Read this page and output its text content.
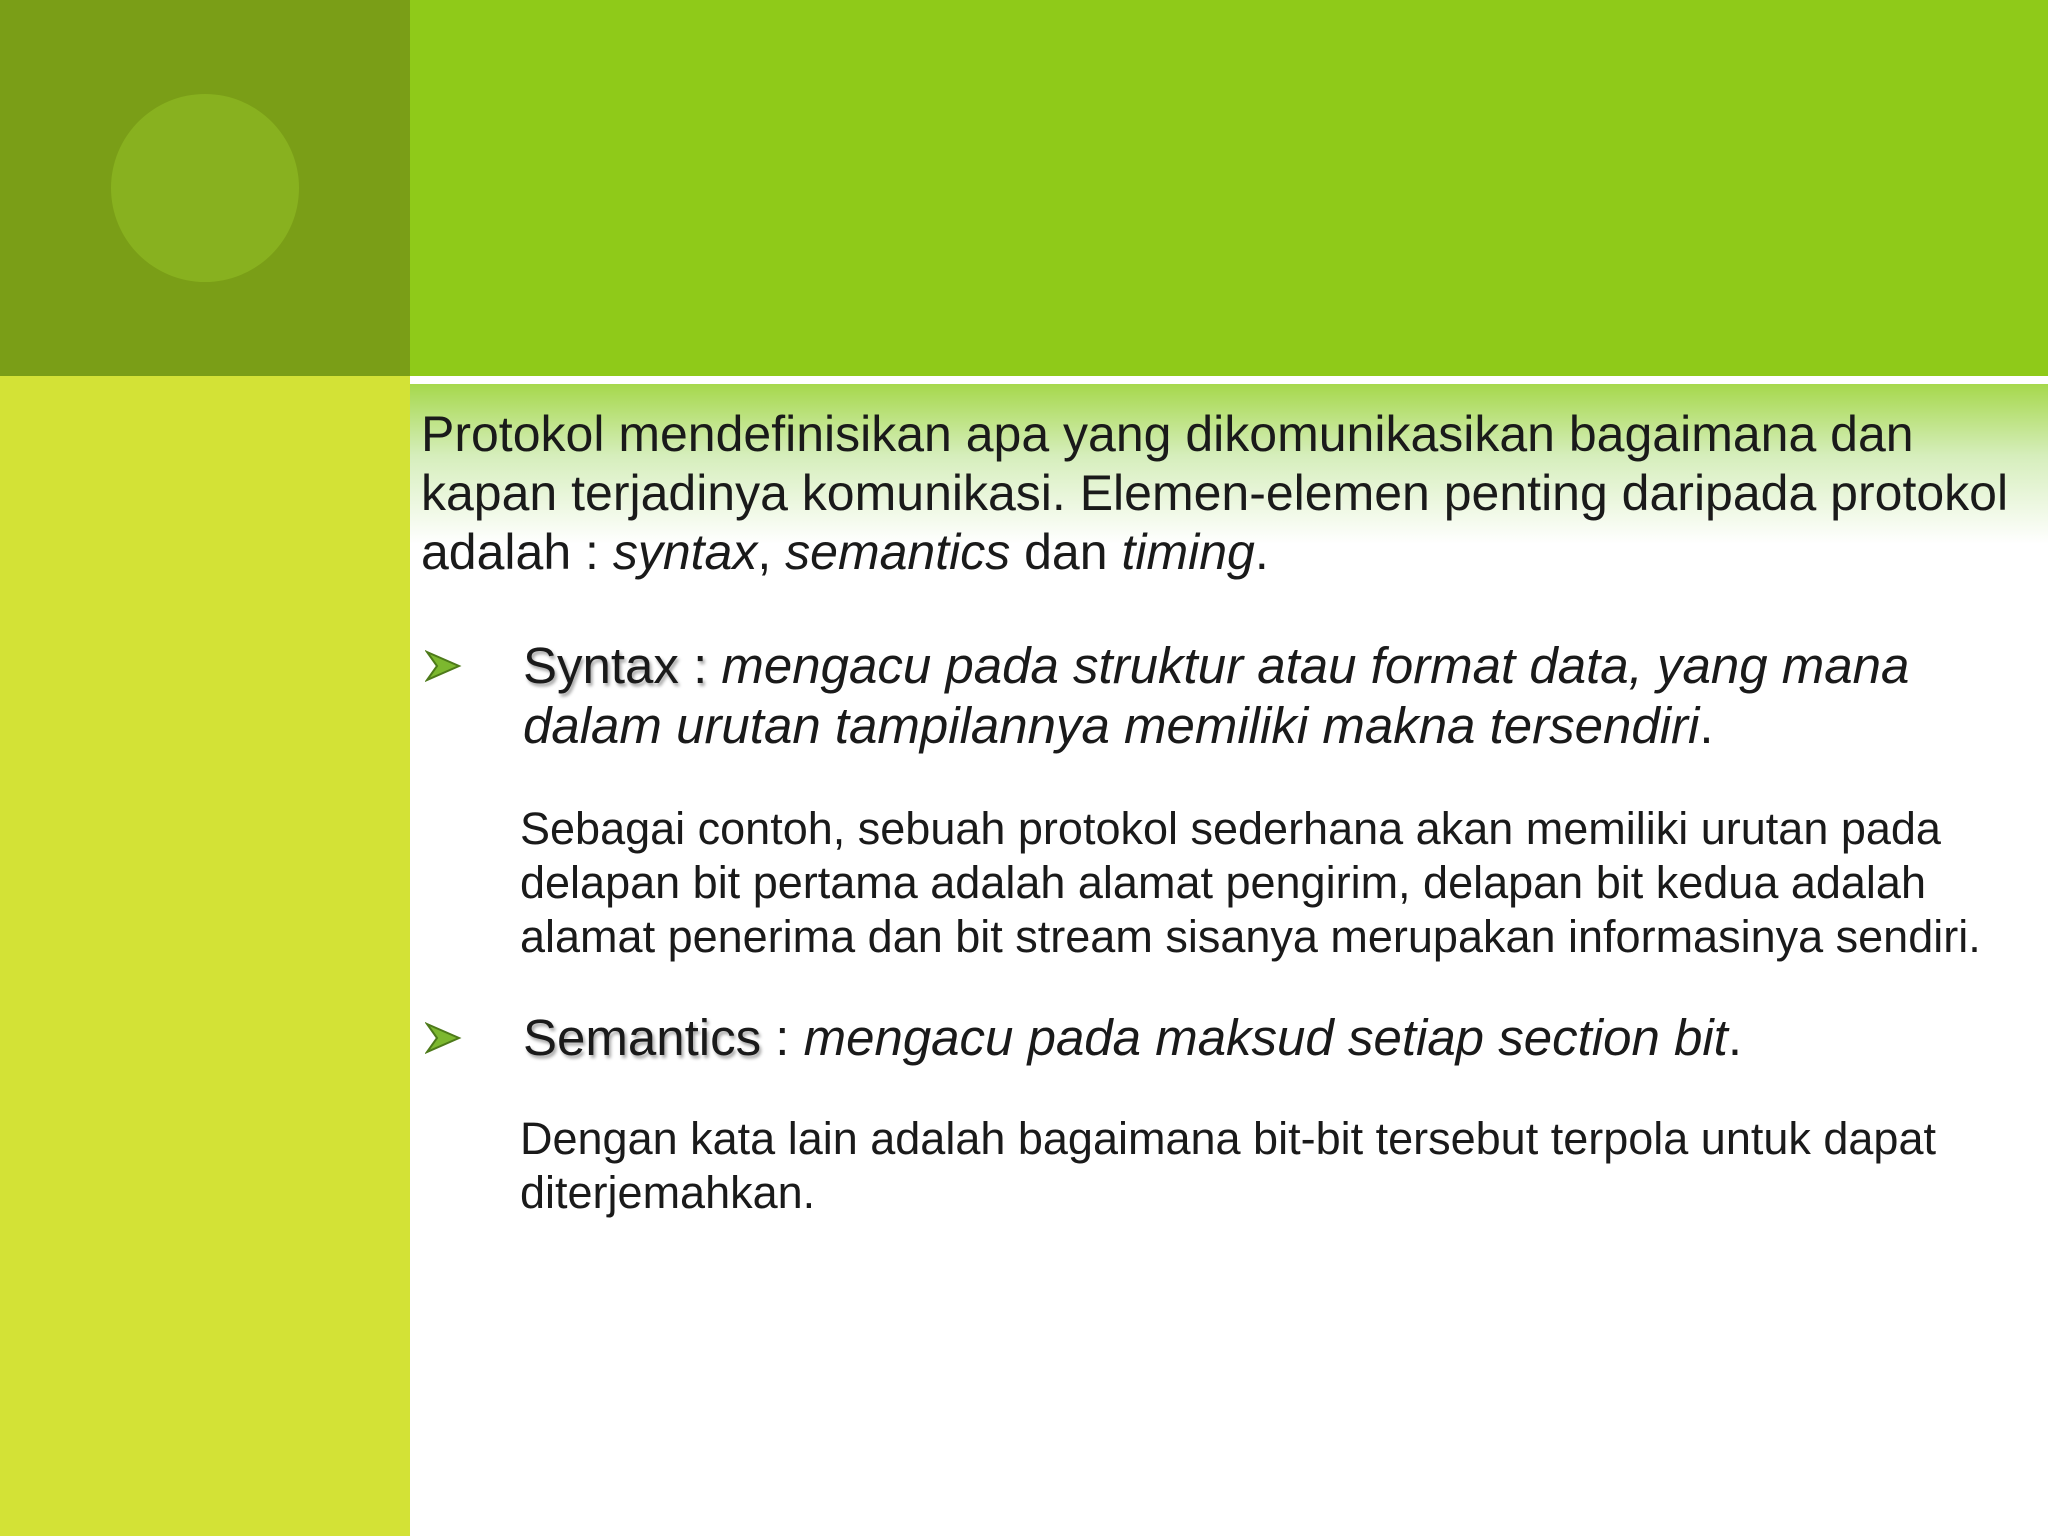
Protokol mendefinisikan apa yang dikomunikasikan bagaimana dan kapan terjadinya komunikasi. Elemen-elemen penting daripada protokol adalah : syntax, semantics dan timing.

Syntax : mengacu pada struktur atau format data, yang mana dalam urutan tampilannya memiliki makna tersendiri.

Sebagai contoh, sebuah protokol sederhana akan memiliki urutan pada delapan bit pertama adalah alamat pengirim, delapan bit kedua adalah alamat penerima dan bit stream sisanya merupakan informasinya sendiri.

Semantics : mengacu pada maksud setiap section bit.

Dengan kata lain adalah bagaimana bit-bit tersebut terpola untuk dapat diterjemahkan.
